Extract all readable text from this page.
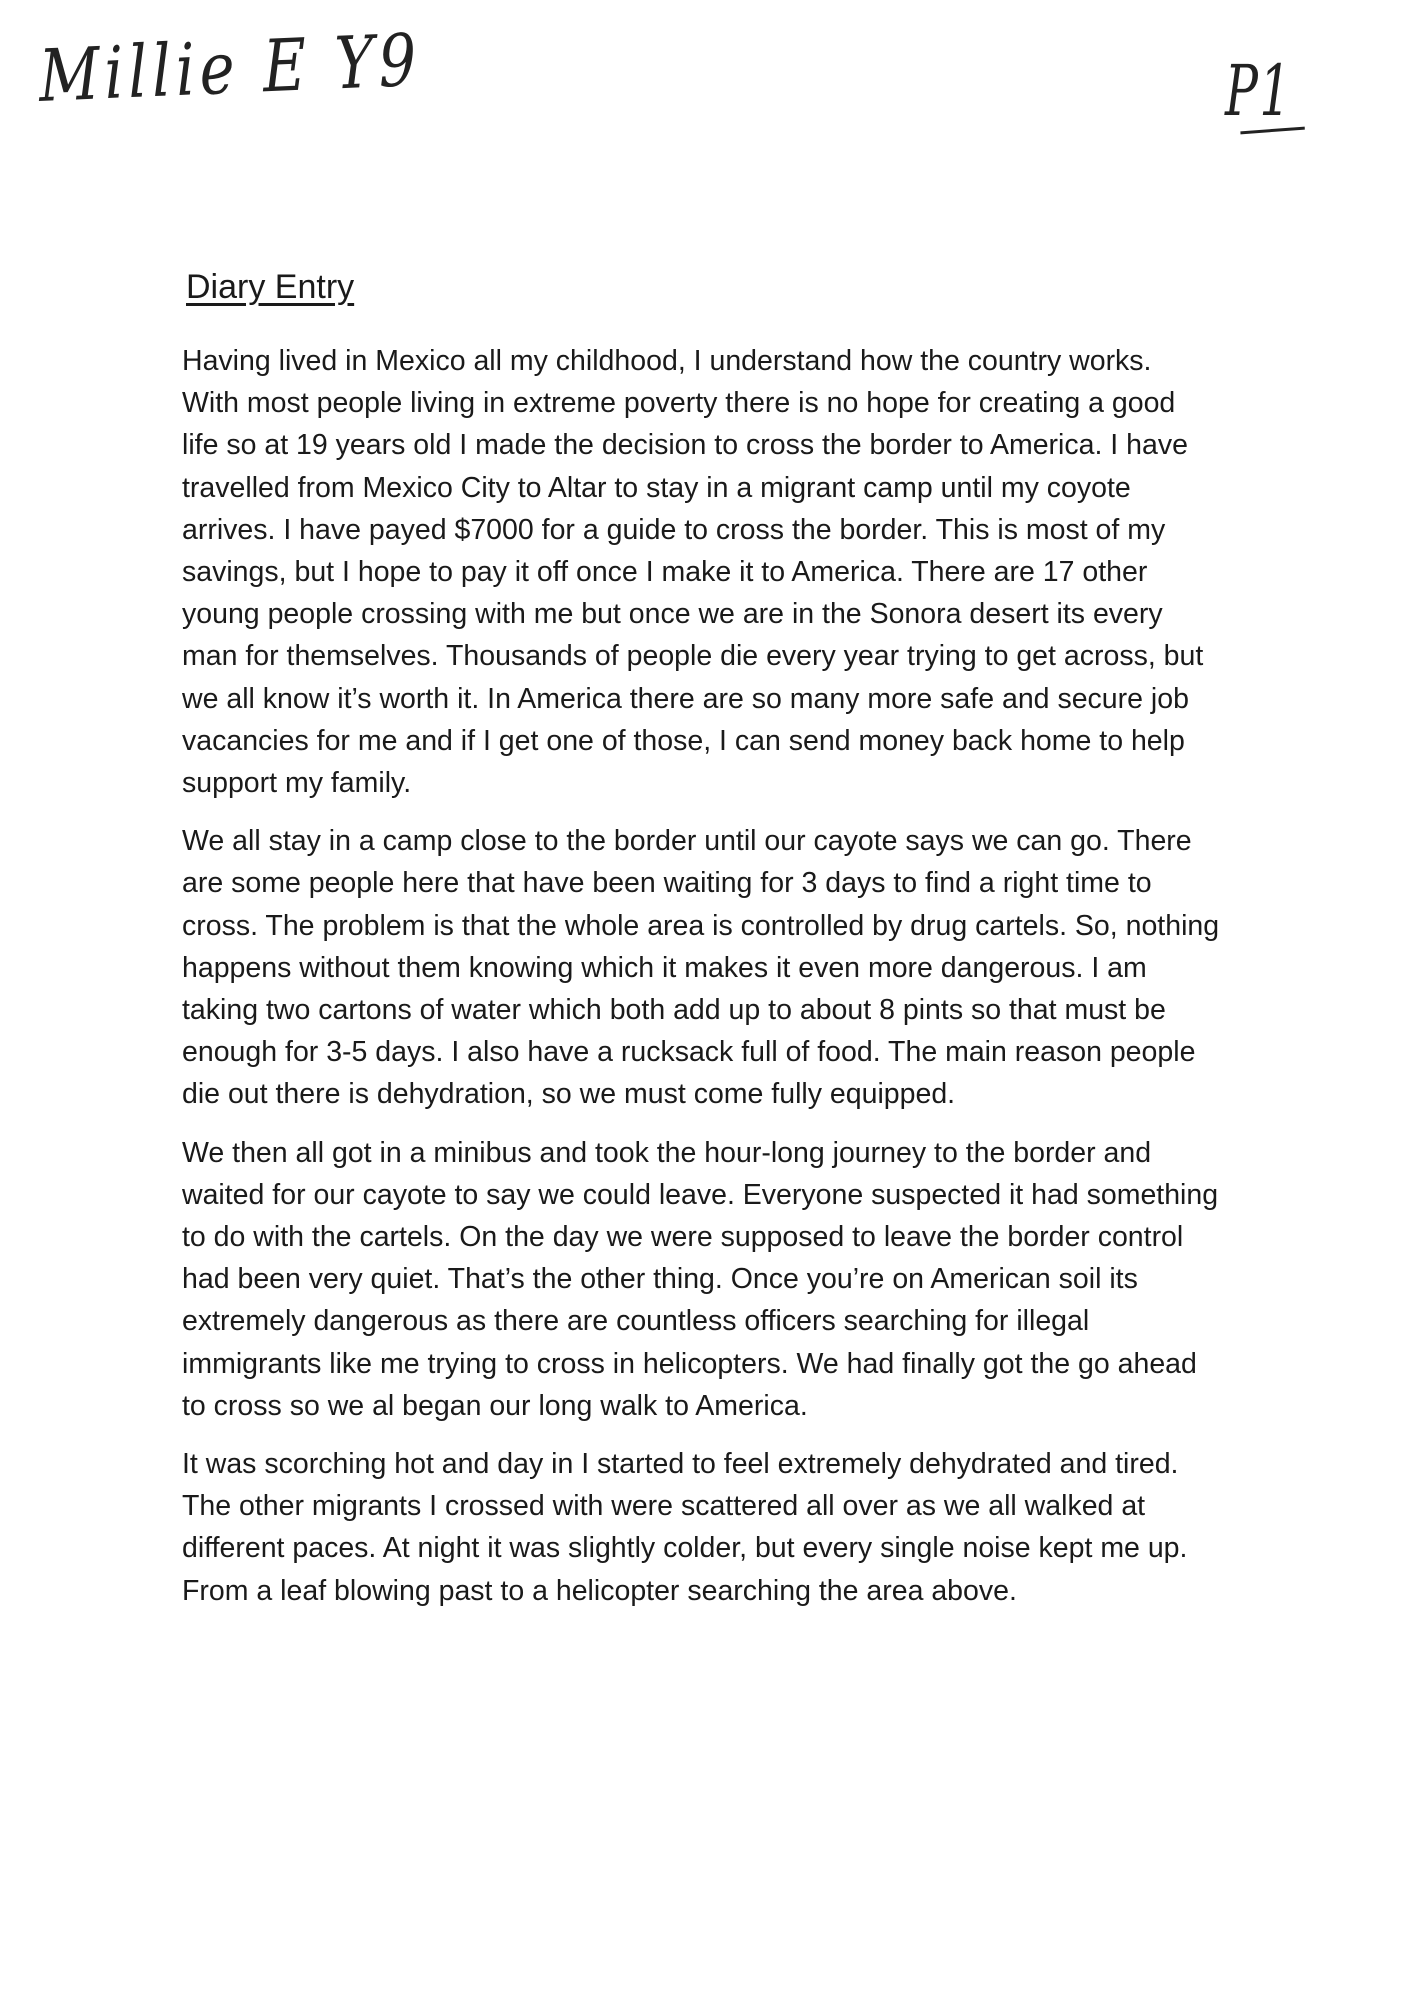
Millie E Y9	P1
Diary Entry

Having lived in Mexico all my childhood, I understand how the country works.
With most people living in extreme poverty there is no hope for creating a good
life so at 19 years old I made the decision to cross the border to America. I have
travelled from Mexico City to Altar to stay in a migrant camp until my coyote
arrives. I have payed $7000 for a guide to cross the border. This is most of my
savings, but I hope to pay it off once I make it to America. There are 17 other
young people crossing with me but once we are in the Sonora desert its every
man for themselves. Thousands of people die every year trying to get across, but
we all know it’s worth it. In America there are so many more safe and secure job
vacancies for me and if I get one of those, I can send money back home to help
support my family.

We all stay in a camp close to the border until our cayote says we can go. There
are some people here that have been waiting for 3 days to find a right time to
cross. The problem is that the whole area is controlled by drug cartels. So, nothing
happens without them knowing which it makes it even more dangerous. I am
taking two cartons of water which both add up to about 8 pints so that must be
enough for 3-5 days. I also have a rucksack full of food. The main reason people
die out there is dehydration, so we must come fully equipped.

We then all got in a minibus and took the hour-long journey to the border and
waited for our cayote to say we could leave. Everyone suspected it had something
to do with the cartels. On the day we were supposed to leave the border control
had been very quiet. That’s the other thing. Once you’re on American soil its
extremely dangerous as there are countless officers searching for illegal
immigrants like me trying to cross in helicopters. We had finally got the go ahead
to cross so we al began our long walk to America.

It was scorching hot and day in I started to feel extremely dehydrated and tired.
The other migrants I crossed with were scattered all over as we all walked at
different paces. At night it was slightly colder, but every single noise kept me up.
From a leaf blowing past to a helicopter searching the area above.
